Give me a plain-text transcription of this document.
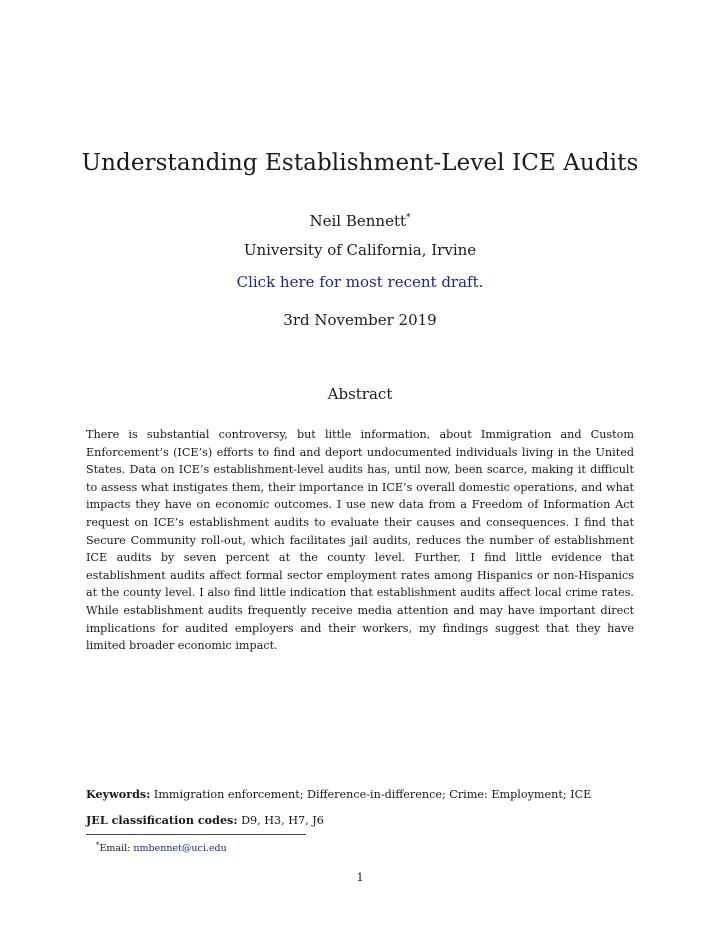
Understanding Establishment-Level ICE Audits
Neil Bennett*
University of California, Irvine
Click here for most recent draft.
3rd November 2019
Abstract
There is substantial controversy, but little information, about Immigration and Custom Enforcement’s (ICE’s) efforts to find and deport undocumented individuals living in the United States. Data on ICE’s establishment-level audits has, until now, been scarce, making it difficult to assess what instigates them, their importance in ICE’s overall domestic operations, and what impacts they have on economic outcomes. I use new data from a Freedom of Information Act request on ICE’s establishment audits to evaluate their causes and consequences. I find that Secure Community roll-out, which facilitates jail audits, reduces the number of establishment ICE audits by seven percent at the county level. Further, I find little evidence that establishment audits affect formal sector employment rates among Hispanics or non-Hispanics at the county level. I also find little indication that establishment audits affect local crime rates. While establishment audits frequently receive media attention and may have important direct implications for audited employers and their workers, my findings suggest that they have limited broader economic impact.
Keywords: Immigration enforcement; Difference-in-difference; Crime: Employment; ICE
JEL classification codes: D9, H3, H7, J6
*Email: nmbennet@uci.edu
1
